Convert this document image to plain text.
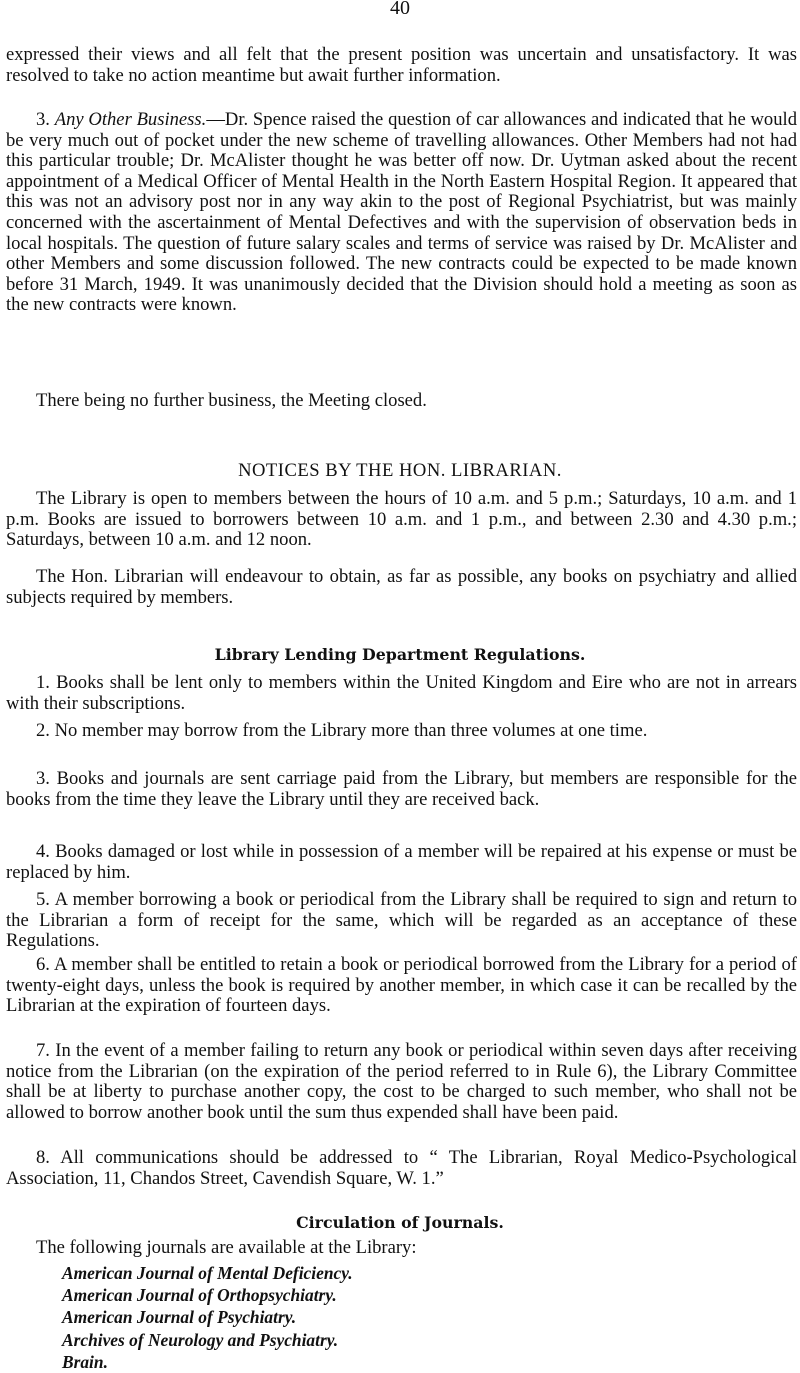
40

expressed their views and all felt that the present position was uncertain and unsatisfactory. It was resolved to take no action meantime but await further information.

3. Any Other Business.—Dr. Spence raised the question of car allowances and indicated that he would be very much out of pocket under the new scheme of travelling allowances. Other Members had not had this particular trouble; Dr. McAlister thought he was better off now. Dr. Uytman asked about the recent appointment of a Medical Officer of Mental Health in the North Eastern Hospital Region. It appeared that this was not an advisory post nor in any way akin to the post of Regional Psychiatrist, but was mainly concerned with the ascertainment of Mental Defectives and with the supervision of observation beds in local hospitals. The question of future salary scales and terms of service was raised by Dr. McAlister and other Members and some discussion followed. The new contracts could be expected to be made known before 31 March, 1949. It was unanimously decided that the Division should hold a meeting as soon as the new contracts were known.

There being no further business, the Meeting closed.

NOTICES BY THE HON. LIBRARIAN.

The Library is open to members between the hours of 10 a.m. and 5 p.m.; Saturdays, 10 a.m. and 1 p.m. Books are issued to borrowers between 10 a.m. and 1 p.m., and between 2.30 and 4.30 p.m.; Saturdays, between 10 a.m. and 12 noon.

The Hon. Librarian will endeavour to obtain, as far as possible, any books on psychiatry and allied subjects required by members.

Library Lending Department Regulations.

1. Books shall be lent only to members within the United Kingdom and Eire who are not in arrears with their subscriptions.

2. No member may borrow from the Library more than three volumes at one time.

3. Books and journals are sent carriage paid from the Library, but members are responsible for the books from the time they leave the Library until they are received back.

4. Books damaged or lost while in possession of a member will be repaired at his expense or must be replaced by him.

5. A member borrowing a book or periodical from the Library shall be required to sign and return to the Librarian a form of receipt for the same, which will be regarded as an acceptance of these Regulations.

6. A member shall be entitled to retain a book or periodical borrowed from the Library for a period of twenty-eight days, unless the book is required by another member, in which case it can be recalled by the Librarian at the expiration of fourteen days.

7. In the event of a member failing to return any book or periodical within seven days after receiving notice from the Librarian (on the expiration of the period referred to in Rule 6), the Library Committee shall be at liberty to purchase another copy, the cost to be charged to such member, who shall not be allowed to borrow another book until the sum thus expended shall have been paid.

8. All communications should be addressed to “ The Librarian, Royal Medico-Psychological Association, 11, Chandos Street, Cavendish Square, W. 1.”

Circulation of Journals.

The following journals are available at the Library:

American Journal of Mental Deficiency.
American Journal of Orthopsychiatry.
American Journal of Psychiatry.
Archives of Neurology and Psychiatry.
Brain.
